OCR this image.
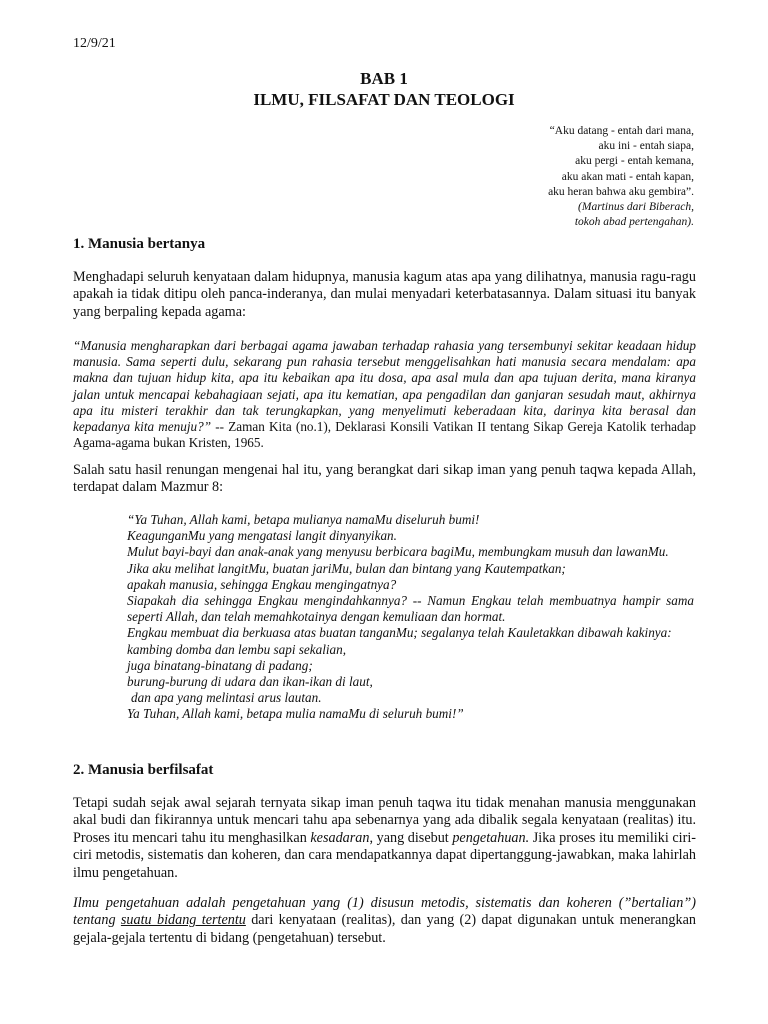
12/9/21
BAB 1
ILMU, FILSAFAT DAN TEOLOGI
“Aku datang - entah dari mana,
aku ini - entah siapa,
aku pergi - entah kemana,
aku akan mati - entah kapan,
aku heran bahwa aku gembira”.
(Martinus dari Biberach,
tokoh abad pertengahan).
1. Manusia bertanya
Menghadapi seluruh kenyataan dalam hidupnya, manusia kagum atas apa yang dilihatnya, manusia ragu-ragu apakah ia tidak ditipu oleh panca-inderanya, dan mulai menyadari keterbatasannya. Dalam situasi itu banyak yang berpaling kepada agama:
“Manusia mengharapkan dari berbagai agama jawaban terhadap rahasia yang tersembunyi sekitar keadaan hidup manusia. Sama seperti dulu, sekarang pun rahasia tersebut menggelisahkan hati manusia secara mendalam: apa makna dan tujuan hidup kita, apa itu kebaikan apa itu dosa, apa asal mula dan apa tujuan derita, mana kiranya jalan untuk mencapai kebahagiaan sejati, apa itu kematian, apa pengadilan dan ganjaran sesudah maut, akhirnya apa itu misteri terakhir dan tak terungkapkan, yang menyelimuti keberadaan kita, darinya kita berasal dan kepadanya kita menuju?” -- Zaman Kita (no.1), Deklarasi Konsili Vatikan II tentang Sikap Gereja Katolik terhadap Agama-agama bukan Kristen, 1965.
Salah satu hasil renungan mengenai hal itu, yang berangkat dari sikap iman yang penuh taqwa kepada Allah, terdapat dalam Mazmur 8:
“Ya Tuhan, Allah kami, betapa mulianya namaMu diseluruh bumi!
KeagunganMu yang mengatasi langit dinyanyikan.
Mulut bayi-bayi dan anak-anak yang menyusu berbicara bagiMu, membungkam musuh dan lawanMu.
Jika aku melihat langitMu, buatan jariMu, bulan dan bintang yang Kautempatkan;
apakah manusia, sehingga Engkau mengingatnya?
Siapakah dia sehingga Engkau mengindahkannya? -- Namun Engkau telah membuatnya hampir sama seperti Allah, dan telah memahkotainya dengan kemuliaan dan hormat.
Engkau membuat dia berkuasa atas buatan tanganMu; segalanya telah Kauletakkan dibawah kakinya:
kambing domba dan lembu sapi sekalian,
juga binatang-binatang di padang;
burung-burung di udara dan ikan-ikan di laut,
dan apa yang melintasi arus lautan.
Ya Tuhan, Allah kami, betapa mulia namaMu di seluruh bumi!”
2. Manusia berfilsafat
Tetapi sudah sejak awal sejarah ternyata sikap iman penuh taqwa itu tidak menahan manusia menggunakan akal budi dan fikirannya untuk mencari tahu apa sebenarnya yang ada dibalik segala kenyataan (realitas) itu. Proses itu mencari tahu itu menghasilkan kesadaran, yang disebut pengetahuan. Jika proses itu memiliki ciri-ciri metodis, sistematis dan koheren, dan cara mendapatkannya dapat dipertanggung-jawabkan, maka lahirlah ilmu pengetahuan.
Ilmu pengetahuan adalah pengetahuan yang (1) disusun metodis, sistematis dan koheren (”bertalian”) tentang suatu bidang tertentu dari kenyataan (realitas), dan yang (2) dapat digunakan untuk menerangkan gejala-gejala tertentu di bidang (pengetahuan) tersebut.
